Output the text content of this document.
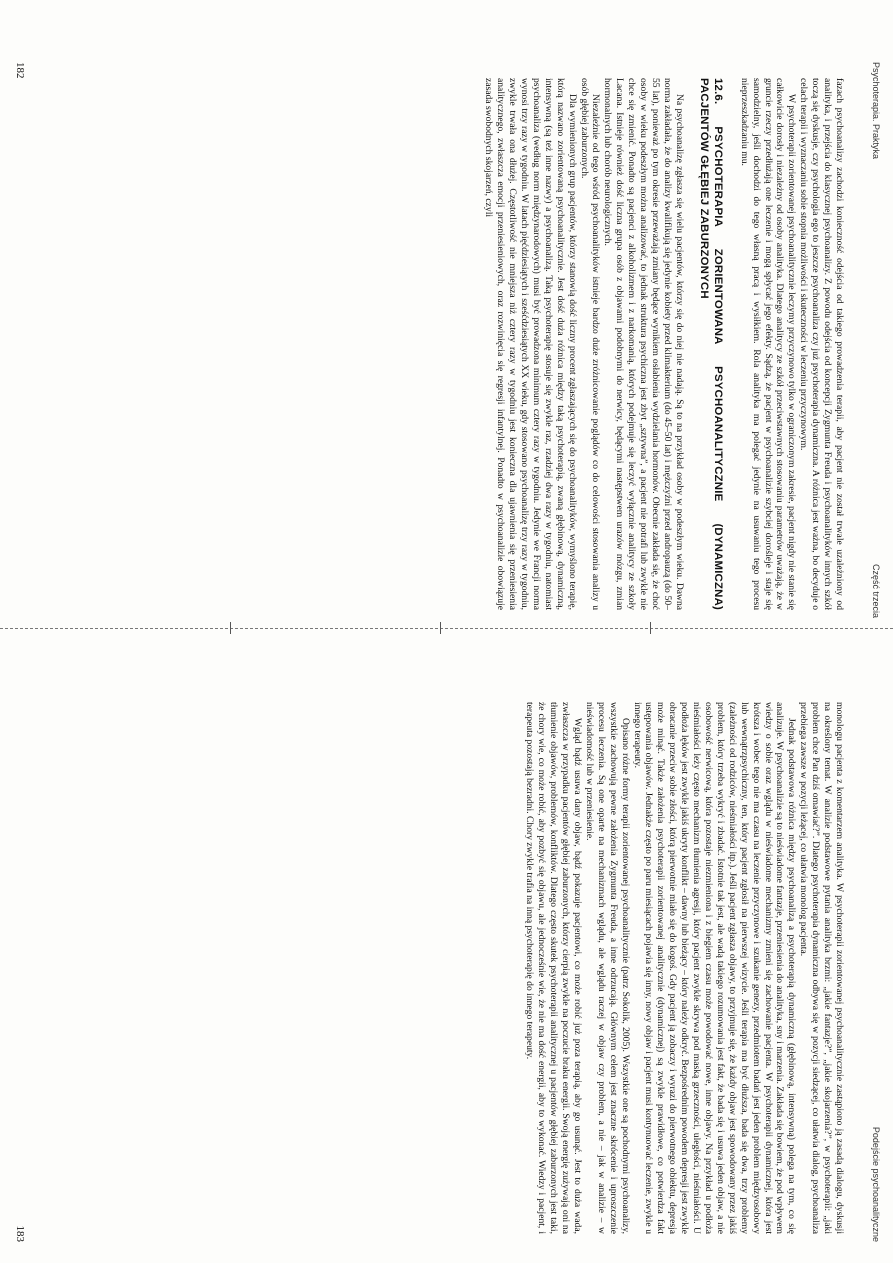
Psychoterapia. Praktyka
Część trzecia

fazach psychoanalizy zachodzi konieczność odejścia od takiego prowadzenia terapii, aby pacjent nie został trwale uzależniony od analityka, i przejścia do klasycznej psychoanalizy. Z powodu odejścia od koncepcji Zygmunta Freuda i psychoanalityków innych szkół toczą się dyskusje, czy psychologia ego to jeszcze psychoanaliza czy już psychoterapia dynamiczna. A różnica jest ważna, bo decyduje o celach terapii i wyznaczaniu sobie stopnia możliwości i skuteczności w leczeniu przyczynowym.

W psychoterapii zorientowanej psychoanalitycznie leczymy przyczynowo tylko w ograniczonym zakresie, pacjent nigdy nie stanie się całkowicie dorosły i niezależny od osoby analityka. Dlatego analitycy ze szkół przeciwstawnych stosowaniu parametrów uważają, że w gruncie rzeczy przedłużają one leczenie i mogą spłycać jego efekty. Sądzą, że pacjent w psychoanalizie szybciej dorośleje i staje się samodzielny, jeśli dochodzi do tego własną pracą i wysiłkiem. Rola analityka ma polegać jedynie na usuwaniu tego procesu nieprzeszkadzaniu mu.

12.6. PSYCHOTERAPIA ZORIENTOWANA PSYCHOANALITYCZNIE (DYNAMICZNA) PACJENTÓW GŁĘBIEJ ZABURZONYCH

Na psychoanalizę zgłasza się wielu pacjentów, którzy się do niej nie nadają. Są to na przykład osoby w podeszłym wieku. Dawna norma zakładała, że do analizy kwalifikują się jedynie kobiety przed klimakterium (do 45–50 lat) i mężczyźni przed andropauzą (do 50–55 lat), ponieważ po tym okresie przeważają zmiany będące wynikiem osłabienia wydzielania hormonów. Obecnie zakłada się, że choć osoby w wieku podeszłym można analizować, to jednak struktura psychiczna jest zbyt „sztywna”, a pacjent nie potrafi lub zwykle nie chce się zmienić. Ponadto są pacjenci z alkoholizmem i z narkomanią, których podejmuje się leczyć wyłącznie analitycy ze szkoły Lacana. Istnieje również dość liczna grupa osób z objawami podobnymi do nerwicy, będącymi następstwem urazów mózgu, zmian hormonalnych lub chorób neurologicznych.

Niezależnie od tego wśród psychoanalityków istnieje bardzo duże zróżnicowanie poglądów co do celowości stosowania analizy u osób głębiej zaburzonych.

Dla wymienionych grup pacjentów, którzy stanowią dość liczny procent zgłaszających się do psychoanalityków, wymyślono terapię, którą nazwano zorientowaną psychoanalitycznie. Jest dość duża różnica między taką psychoterapią, zwaną głębinową, dynamiczną, intensywną (są też inne nazwy) a psychoanalizą. Taką psychoterapię stosuje się zwykle raz, rzadziej dwa razy w tygodniu, natomiast psychoanaliza (według norm międzynarodowych) musi być prowadzona minimum cztery razy w tygodniu. Jedynie we Francji norma wynosi trzy razy w tygodniu. W latach pięćdziesiątych i sześćdziesiątych XX wieku, gdy stosowano psychoanalizę trzy razy w tygodniu, zwykle trwała ona dłużej. Częstotliwość nie mniejsza niż cztery razy w tygodniu jest konieczna dla ujawnienia się przeniesienia analitycznego, zwłaszcza emocji przeniesieniowych, oraz rozwinięcia się regresji infantylnej. Ponadto w psychoanalizie obowiązuje zasada swobodnych skojarzeń, czyli

182
Podejście psychoanalityczne

monologu pacjenta z komentarzem analityka. W psychoterapii zorientowanej psychoanalitycznie zastąpiono ją zasadą dialogu, dyskusji na określony temat. W analizie podstawowe pytania analityka brzmi: „jakie fantazje?”, „jakie skojarzenia?”, w psychoterapii: „jaki problem chce Pan dziś omawiać?”. Dlatego psychoterapia dynamiczna odbywa się w pozycji siedzącej, co ułatwia dialog, psychoanaliza przebiega zawsze w pozycji leżącej, co ułatwia monolog pacjenta.

Jednak podstawowa różnica między psychoanalizą a psychoterapią dynamiczną (głębinową, intensywną) polega na tym, co się analizuje. W psychoanalizie są to nieświadome fantazje, przeniesienia do analityka, sny i marzenia. Zakłada się bowiem, że pod wpływem wiedzy o sobie oraz wglądu w nieświadome mechanizmy zmieni się zachowanie pacjenta. W psychoterapii dynamicznej, która jest krótsza i wobec tego nie ma czasu na leczenie przyczynowe i szukanie genezy, przedmiotem badań jest jeden problem międzyosobowy lub wewnątrzpsychiczny, ten, który pacjent zgłosił na pierwszej wizycie. Jeśli terapia ma być dłuższa, bada się dwa, trzy problemy (zależności od rodziców, nieśmiałości itp.). Jeśli pacjent zgłasza objawy, to przyjmuje się, że każdy objaw jest spowodowany przez jakiś problem, który trzeba wykryć i zbadać. Istotnie tak jest, ale wadą takiego rozumowania jest fakt, że bada się i usuwa jeden objaw, a nie osobowość nerwicową, która pozostaje niezmieniona i z biegiem czasu może powodować nowe, inne objawy. Na przykład u podłoża nieśmiałości leży często mechanizm tłumienia agresji, który pacjent zwykle skrywa pod maską grzeczności, uległości, nieśmiałości. U podłoża lęków jest zwykle jakiś ukryty konflikt – dawny lub bieżący – który należy odkryć. Bezpośrednim powodem depresji jest zwykle obracanie przeciw sobie złości, którą pierwotnie miało się do kogoś. Gdy pacjent ją zobaczy i wyrazi do pierwotnego obiektu, depresja może minąć. Także założenia psychoterapii zorientowanej analitycznie (dynamicznej) są zwykle prawidłowe, co potwierdza fakt ustępowania objawów. Jednakże często po paru miesiącach pojawia się inny, nowy objaw i pacjent musi kontynuować leczenie, zwykle u innego terapeuty.

Opisano różne formy terapii zorientowanej psychoanalitycznie (patrz Sokolik, 2005). Wszystkie one są pochodnymi psychoanalizy, wszystkie zachowują pewne założenia Zygmunta Freuda, a inne odrzucają. Głównym celem jest znaczne skrócenie i uproszczenie procesu leczenia. Są one oparte na mechanizmach wglądu, ale wglądu raczej w objaw czy problem, a nie – jak w analizie – w nieświadomość lub w przeniesienie.

Wgląd bądź usuwa dany objaw, bądź pokazuje pacjentowi, co może robić już poza terapią, aby go usunąć. Jest to duża wada, zwłaszcza w przypadku pacjentów głębiej zaburzonych, którzy cierpią zwykle na poczucie braku energii. Swoją energię zużywają oni na tłumienie objawów, problemów, konfliktów. Dlatego często skutek psychoterapii analitycznej u pacjentów głębiej zaburzonych jest taki, że chory wie, co może robić, aby pozbyć się objawu, ale jednocześnie wie, że nie ma dość energii, aby to wykonać. Wiedzy i pacjent, i terapeuta pozostają bezradni. Chory zwykle trafia na inną psychoterapię do innego terapeuty.

183
